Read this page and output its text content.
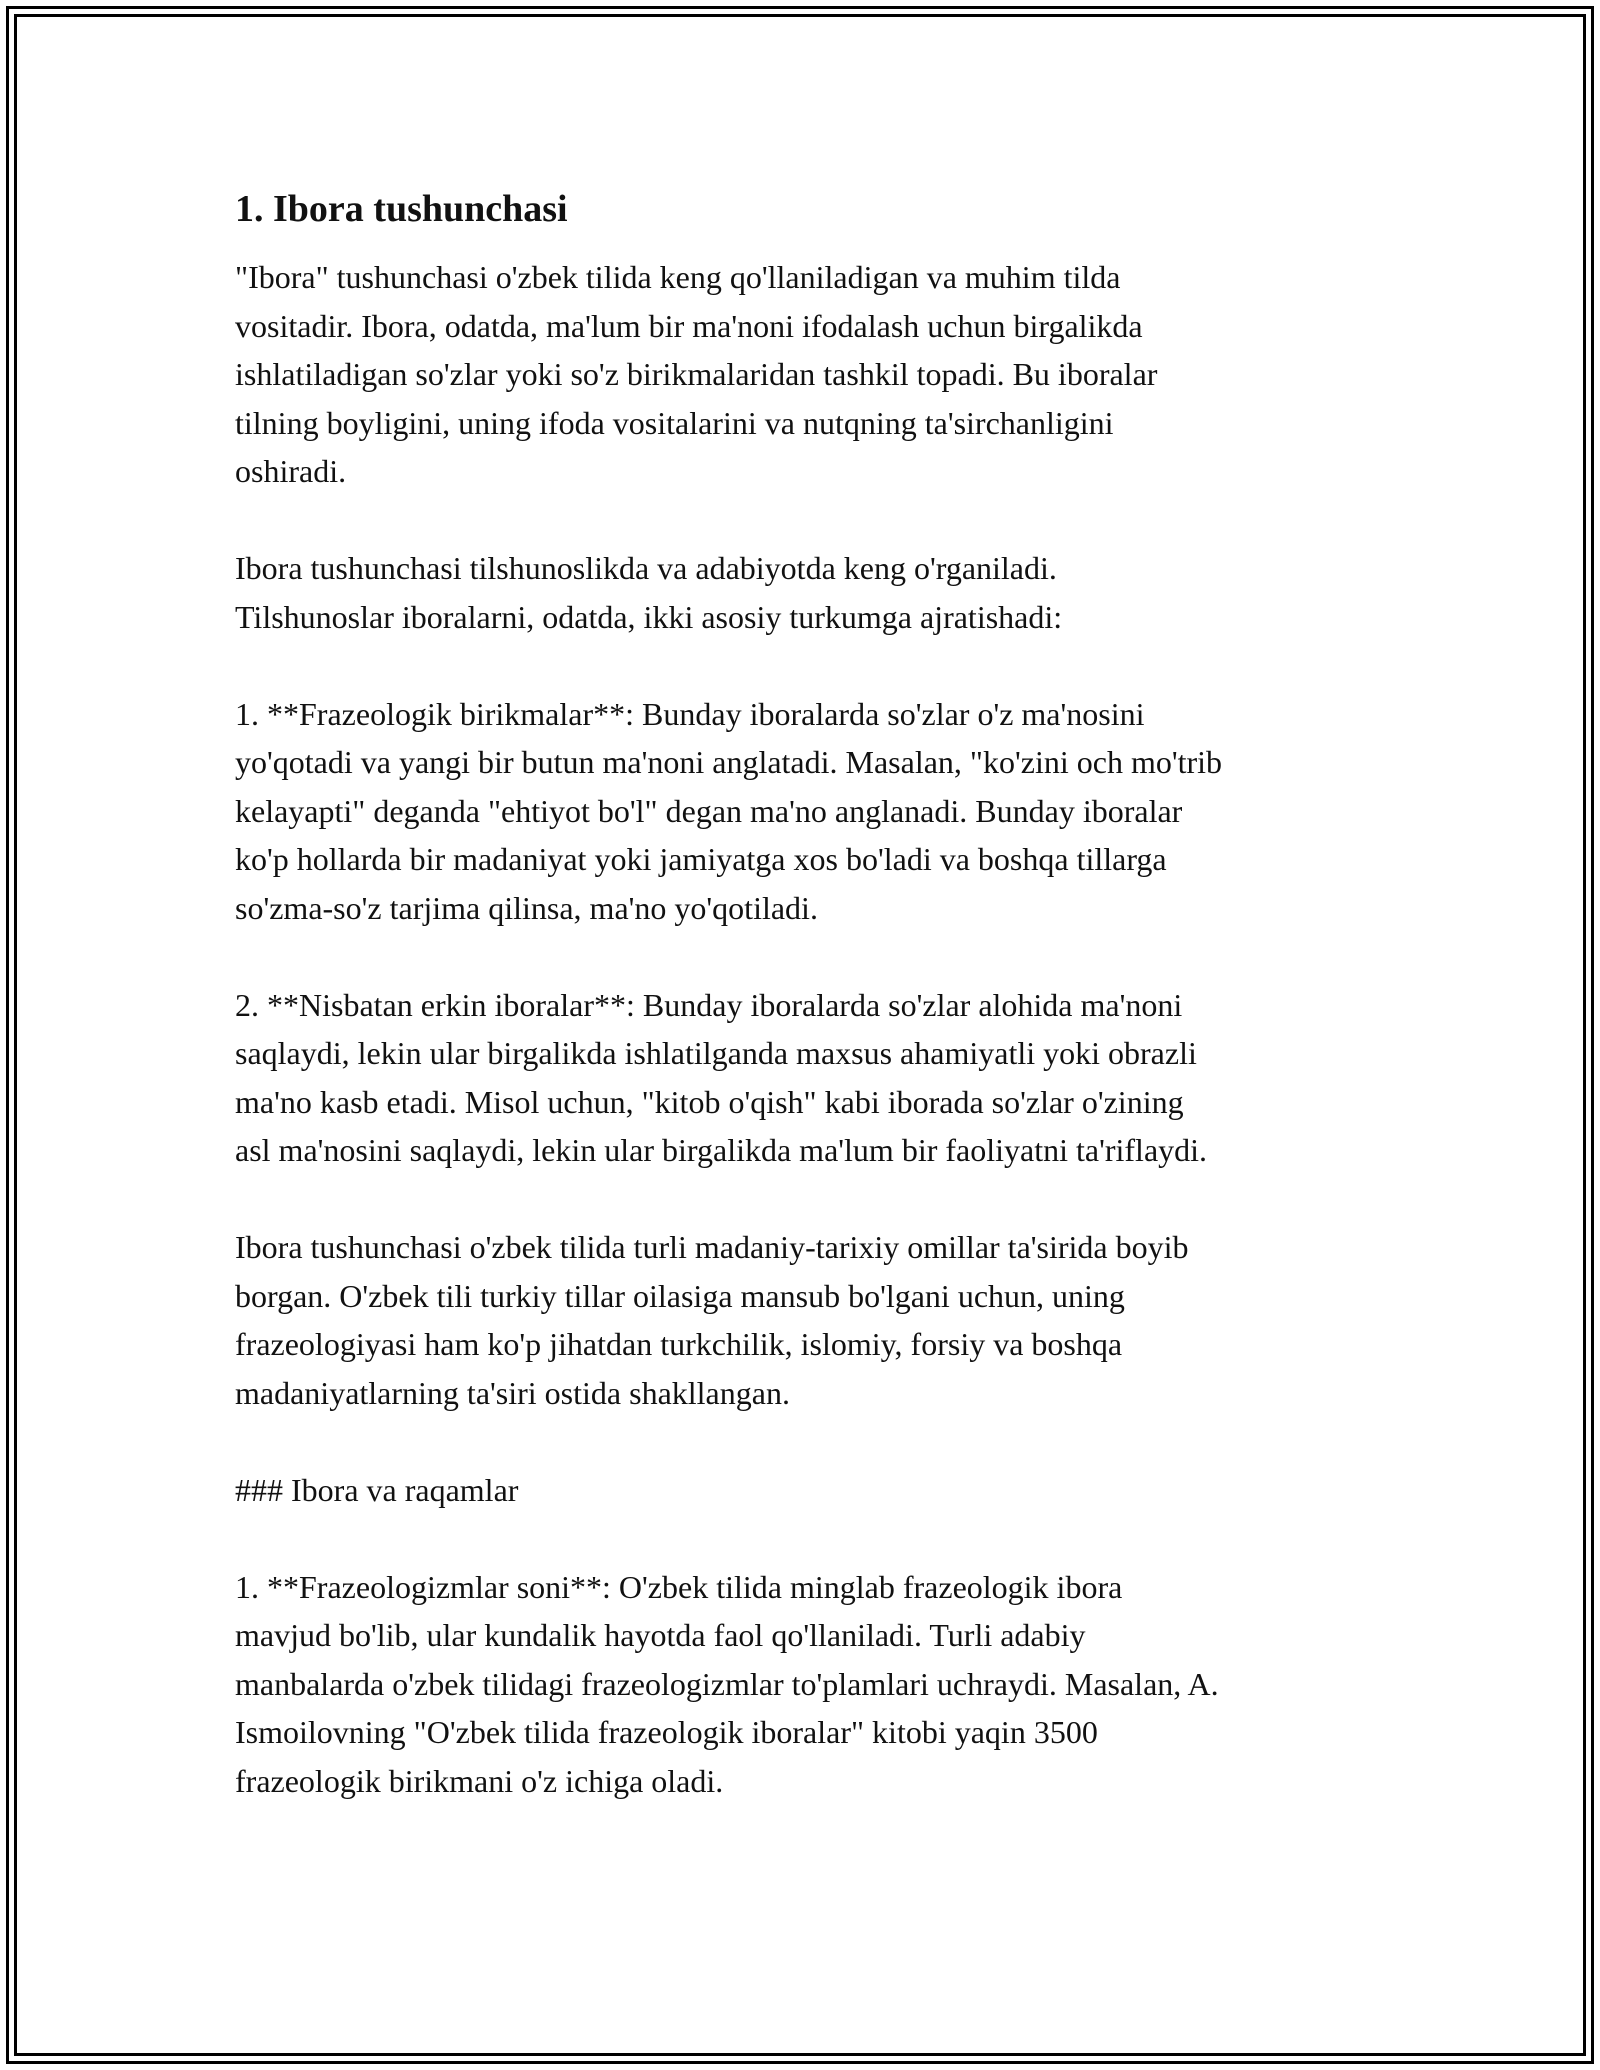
1. Ibora tushunchasi

"Ibora" tushunchasi o'zbek tilida keng qo'llaniladigan va muhim tilda
vositadir. Ibora, odatda, ma'lum bir ma'noni ifodalash uchun birgalikda
ishlatiladigan so'zlar yoki so'z birikmalaridan tashkil topadi. Bu iboralar
tilning boyligini, uning ifoda vositalarini va nutqning ta'sirchanligini
oshiradi.

Ibora tushunchasi tilshunoslikda va adabiyotda keng o'rganiladi.
Tilshunoslar iboralarni, odatda, ikki asosiy turkumga ajratishadi:

1. **Frazeologik birikmalar**: Bunday iboralarda so'zlar o'z ma'nosini
yo'qotadi va yangi bir butun ma'noni anglatadi. Masalan, "ko'zini och mo'trib
kelayapti" deganda "ehtiyot bo'l" degan ma'no anglanadi. Bunday iboralar
ko'p hollarda bir madaniyat yoki jamiyatga xos bo'ladi va boshqa tillarga
so'zma-so'z tarjima qilinsa, ma'no yo'qotiladi.

2. **Nisbatan erkin iboralar**: Bunday iboralarda so'zlar alohida ma'noni
saqlaydi, lekin ular birgalikda ishlatilganda maxsus ahamiyatli yoki obrazli
ma'no kasb etadi. Misol uchun, "kitob o'qish" kabi iborada so'zlar o'zining
asl ma'nosini saqlaydi, lekin ular birgalikda ma'lum bir faoliyatni ta'riflaydi.

Ibora tushunchasi o'zbek tilida turli madaniy-tarixiy omillar ta'sirida boyib
borgan. O'zbek tili turkiy tillar oilasiga mansub bo'lgani uchun, uning
frazeologiyasi ham ko'p jihatdan turkchilik, islomiy, forsiy va boshqa
madaniyatlarning ta'siri ostida shakllangan.

### Ibora va raqamlar

1. **Frazeologizmlar soni**: O'zbek tilida minglab frazeologik ibora
mavjud bo'lib, ular kundalik hayotda faol qo'llaniladi. Turli adabiy
manbalarda o'zbek tilidagi frazeologizmlar to'plamlari uchraydi. Masalan, A.
Ismoilovning "O'zbek tilida frazeologik iboralar" kitobi yaqin 3500
frazeologik birikmani o'z ichiga oladi.
